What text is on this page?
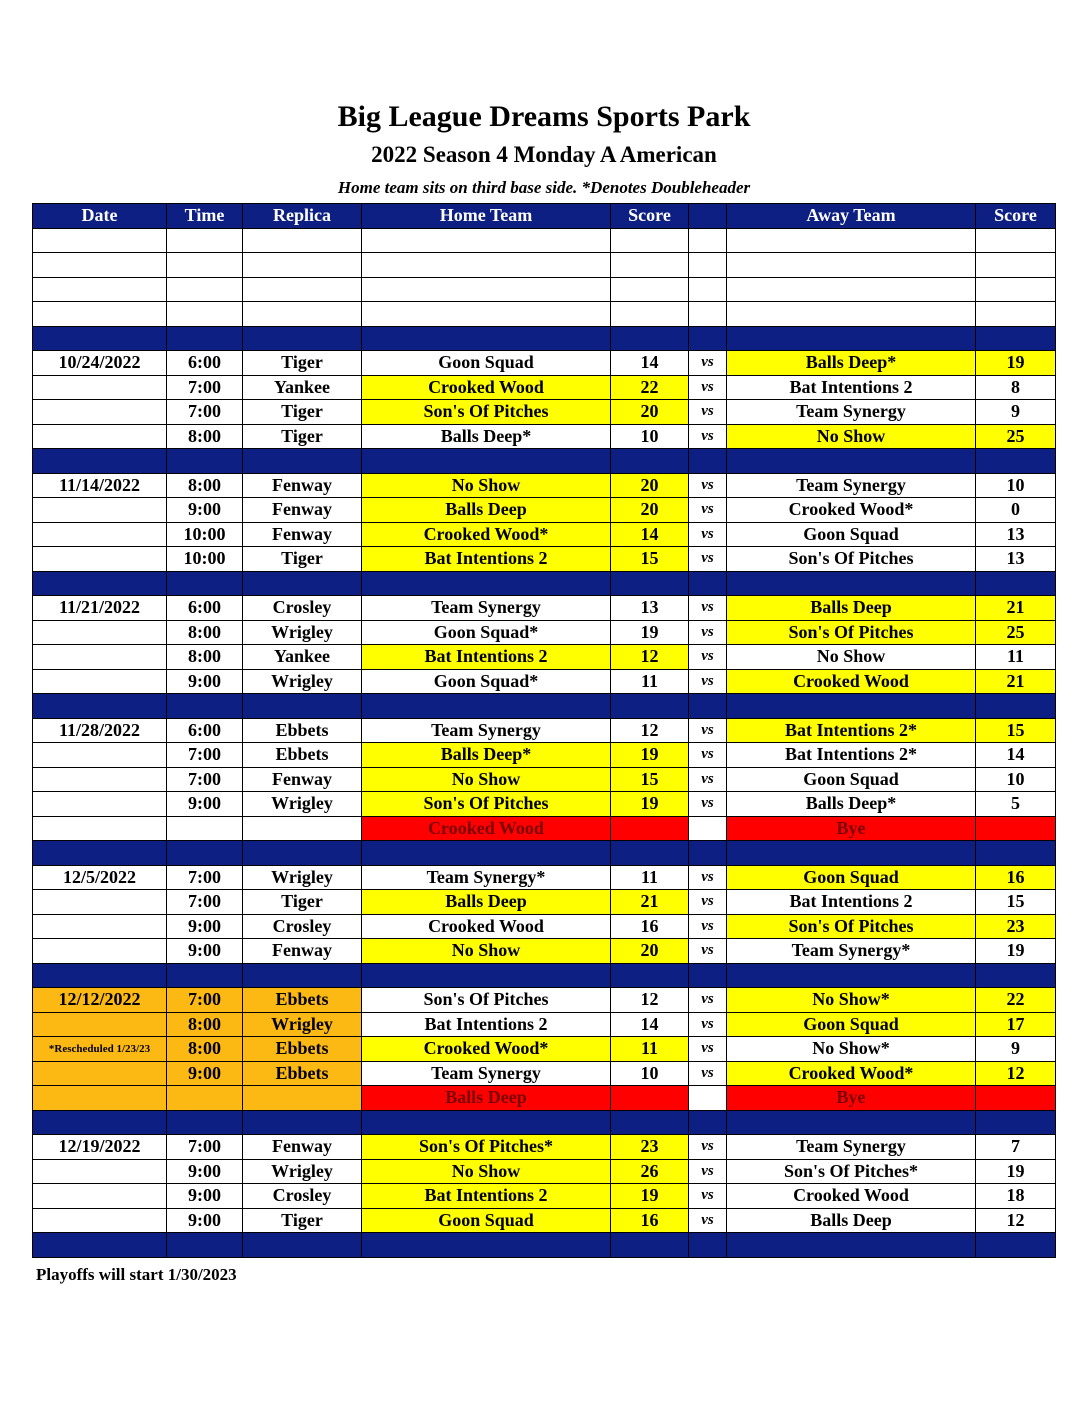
Big League Dreams Sports Park
2022 Season 4 Monday A American
Home team sits on third base side. *Denotes Doubleheader
Date	Time	Replica	Home Team	Score		Away Team	Score

10/24/2022	6:00	Tiger	Goon Squad	14	vs	Balls Deep*	19
	7:00	Yankee	Crooked Wood	22	vs	Bat Intentions 2	8
	7:00	Tiger	Son's Of Pitches	20	vs	Team Synergy	9
	8:00	Tiger	Balls Deep*	10	vs	No Show	25

11/14/2022	8:00	Fenway	No Show	20	vs	Team Synergy	10
	9:00	Fenway	Balls Deep	20	vs	Crooked Wood*	0
	10:00	Fenway	Crooked Wood*	14	vs	Goon Squad	13
	10:00	Tiger	Bat Intentions 2	15	vs	Son's Of Pitches	13

11/21/2022	6:00	Crosley	Team Synergy	13	vs	Balls Deep	21
	8:00	Wrigley	Goon Squad*	19	vs	Son's Of Pitches	25
	8:00	Yankee	Bat Intentions 2	12	vs	No Show	11
	9:00	Wrigley	Goon Squad*	11	vs	Crooked Wood	21

11/28/2022	6:00	Ebbets	Team Synergy	12	vs	Bat Intentions 2*	15
	7:00	Ebbets	Balls Deep*	19	vs	Bat Intentions 2*	14
	7:00	Fenway	No Show	15	vs	Goon Squad	10
	9:00	Wrigley	Son's Of Pitches	19	vs	Balls Deep*	5
			Crooked Wood			Bye	

12/5/2022	7:00	Wrigley	Team Synergy*	11	vs	Goon Squad	16
	7:00	Tiger	Balls Deep	21	vs	Bat Intentions 2	15
	9:00	Crosley	Crooked Wood	16	vs	Son's Of Pitches	23
	9:00	Fenway	No Show	20	vs	Team Synergy*	19

12/12/2022	7:00	Ebbets	Son's Of Pitches	12	vs	No Show*	22
	8:00	Wrigley	Bat Intentions 2	14	vs	Goon Squad	17
*Rescheduled 1/23/23	8:00	Ebbets	Crooked Wood*	11	vs	No Show*	9
	9:00	Ebbets	Team Synergy	10	vs	Crooked Wood*	12
			Balls Deep			Bye	

12/19/2022	7:00	Fenway	Son's Of Pitches*	23	vs	Team Synergy	7
	9:00	Wrigley	No Show	26	vs	Son's Of Pitches*	19
	9:00	Crosley	Bat Intentions 2	19	vs	Crooked Wood	18
	9:00	Tiger	Goon Squad	16	vs	Balls Deep	12

Playoffs will start 1/30/2023
